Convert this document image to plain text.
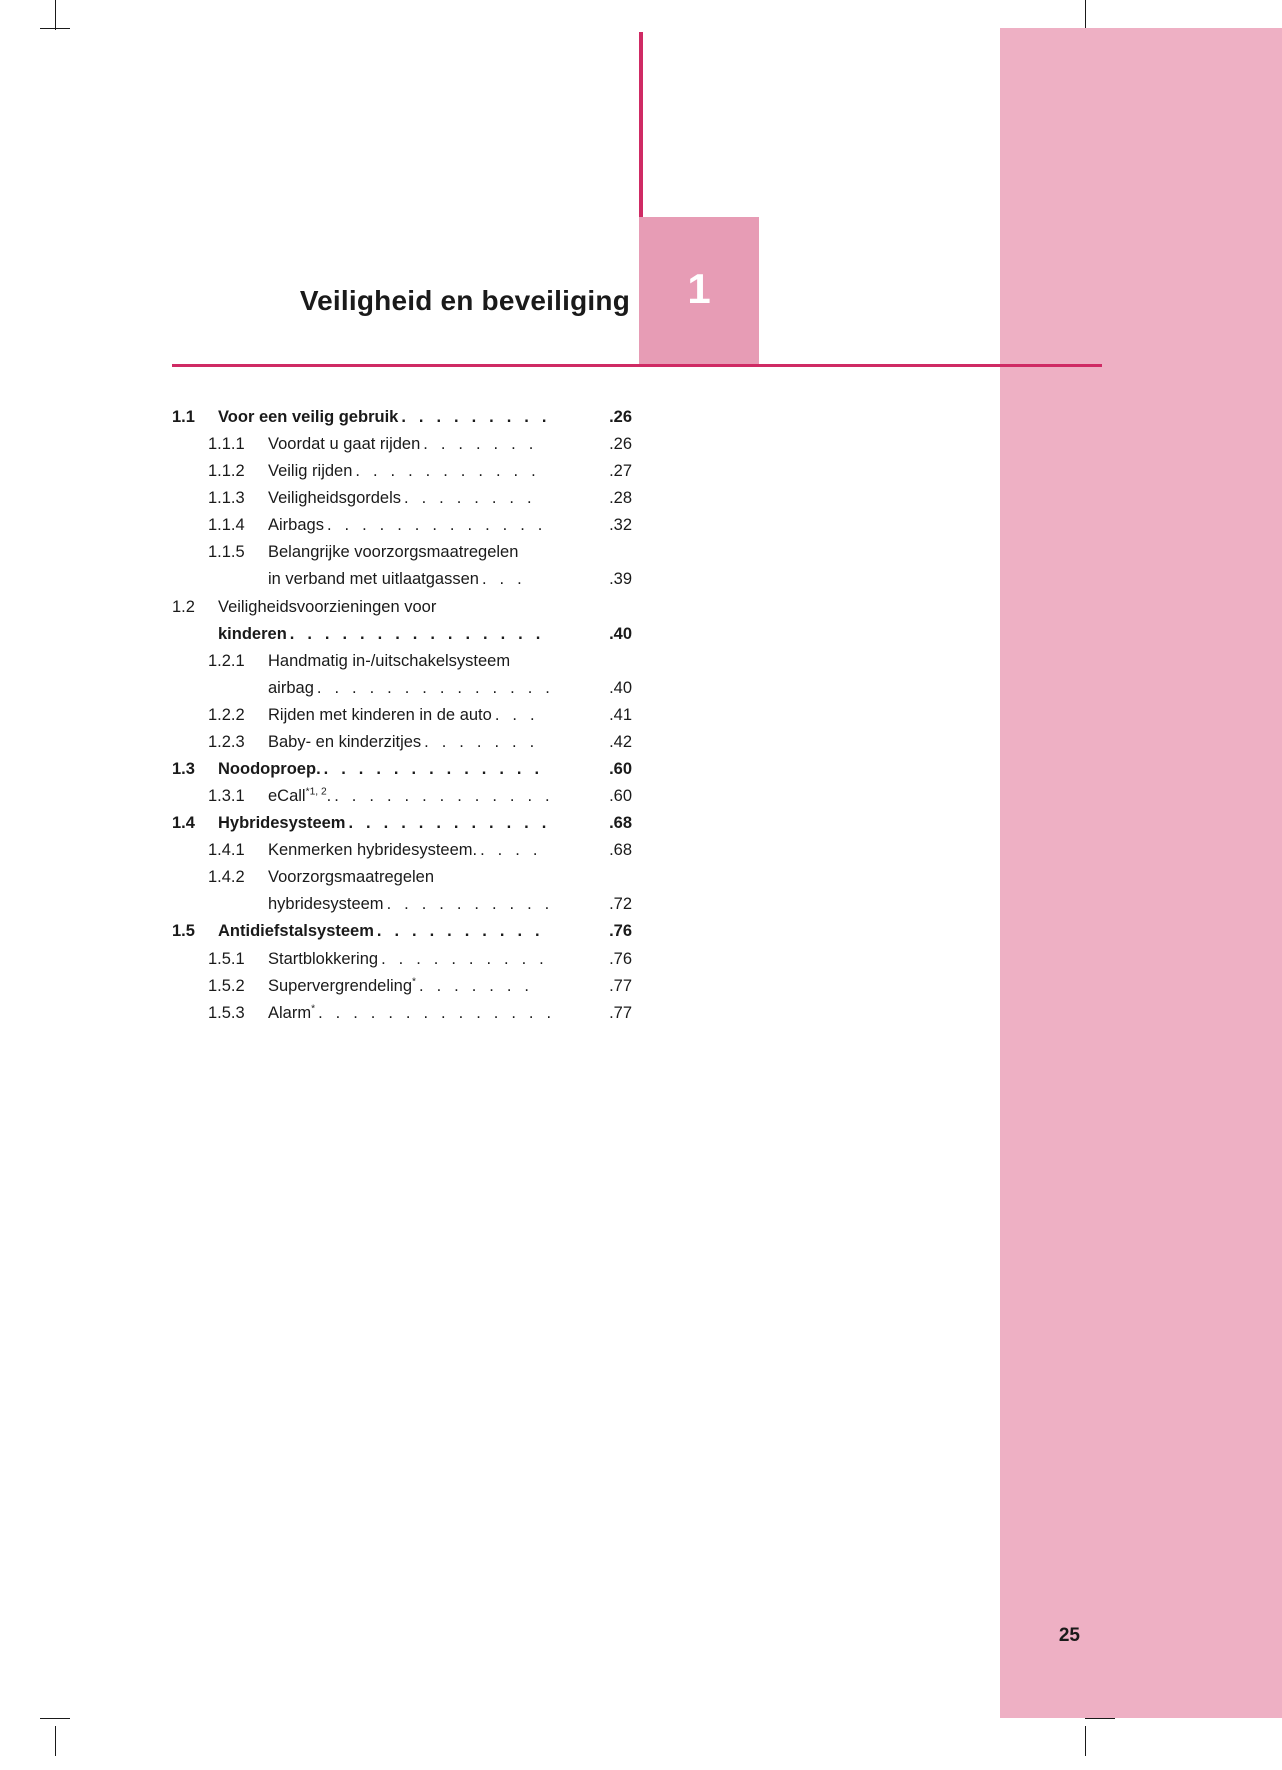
1
Veiligheid en beveiliging
1.1	Voor een veilig gebruik . . . . . . . . .	.26
1.1.1	Voordat u gaat rijden . . . . . . .	.26
1.1.2	Veilig rijden . . . . . . . . . . .	.27
1.1.3	Veiligheidsgordels . . . . . . . .	.28
1.1.4	Airbags . . . . . . . . . . . . .	.32
1.1.5	Belangrijke voorzorgsmaatregelen
in verband met uitlaatgassen . . .	.39
1.2	Veiligheidsvoorzieningen voor
kinderen . . . . . . . . . . . . . . .	.40
1.2.1	Handmatig in-/uitschakelsysteem
airbag . . . . . . . . . . . . . .	.40
1.2.2	Rijden met kinderen in de auto . . .	.41
1.2.3	Baby- en kinderzitjes . . . . . . .	.42
1.3	Noodoproep. . . . . . . . . . . . . .	.60
1.3.1	eCall$^{*1, 2}$. . . . . . . . . . . . . .	.60
1.4	Hybridesysteem . . . . . . . . . . . .	.68
1.4.1	Kenmerken hybridesysteem. . . . .	.68
1.4.2	Voorzorgsmaatregelen
hybridesysteem . . . . . . . . . .	.72
1.5	Antidiefstalsysteem . . . . . . . . . .	.76
1.5.1	Startblokkering . . . . . . . . . .	.76
1.5.2	Supervergrendeling* . . . . . . .	.77
1.5.3	Alarm* . . . . . . . . . . . . . .	.77
25
